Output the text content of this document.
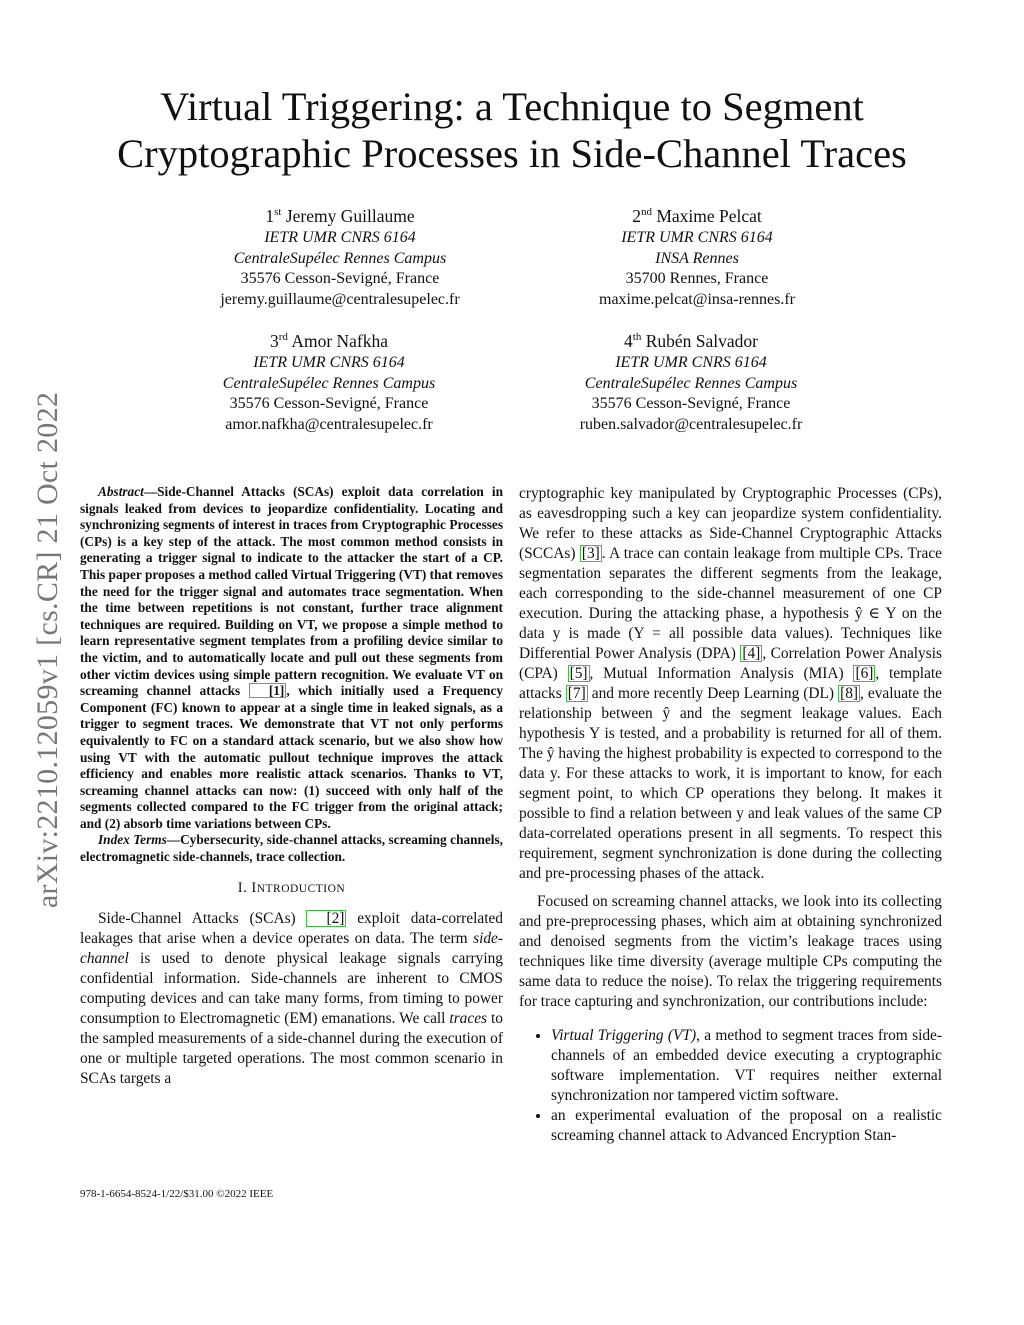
arXiv:2210.12059v1 [cs.CR] 21 Oct 2022
Virtual Triggering: a Technique to Segment
Cryptographic Processes in Side-Channel Traces
1st Jeremy Guillaume
IETR UMR CNRS 6164
CentraleSupélec Rennes Campus
35576 Cesson-Sevigné, France
jeremy.guillaume@centralesupelec.fr
2nd Maxime Pelcat
IETR UMR CNRS 6164
INSA Rennes
35700 Rennes, France
maxime.pelcat@insa-rennes.fr
3rd Amor Nafkha
IETR UMR CNRS 6164
CentraleSupélec Rennes Campus
35576 Cesson-Sevigné, France
amor.nafkha@centralesupelec.fr
4th Rubén Salvador
IETR UMR CNRS 6164
CentraleSupélec Rennes Campus
35576 Cesson-Sevigné, France
ruben.salvador@centralesupelec.fr

Abstract—Side-Channel Attacks (SCAs) exploit data correlation in signals leaked from devices to jeopardize confidentiality. Locating and synchronizing segments of interest in traces from Cryptographic Processes (CPs) is a key step of the attack. The most common method consists in generating a trigger signal to indicate to the attacker the start of a CP. This paper proposes a method called Virtual Triggering (VT) that removes the need for the trigger signal and automates trace segmentation. When the time between repetitions is not constant, further trace alignment techniques are required. Building on VT, we propose a simple method to learn representative segment templates from a profiling device similar to the victim, and to automatically locate and pull out these segments from other victim devices using simple pattern recognition. We evaluate VT on screaming channel attacks [1] , which initially used a Frequency Component (FC) known to appear at a single time in leaked signals, as a trigger to segment traces. We demonstrate that VT not only performs equivalently to FC on a standard attack scenario, but we also show how using VT with the automatic pullout technique improves the attack efficiency and enables more realistic attack scenarios. Thanks to VT, screaming channel attacks can now: (1) succeed with only half of the segments collected compared to the FC trigger from the original attack; and (2) absorb time variations between CPs.

Index Terms—Cybersecurity, side-channel attacks, screaming channels, electromagnetic side-channels, trace collection.

I. INTRODUCTION

Side-Channel Attacks (SCAs) [2] exploit data-correlated leakages that arise when a device operates on data. The term side-channel is used to denote physical leakage signals carrying confidential information. Side-channels are inherent to CMOS computing devices and can take many forms, from timing to power consumption to Electromagnetic (EM) emanations. We call traces to the sampled measurements of a side-channel during the execution of one or multiple targeted operations. The most common scenario in SCAs targets a

cryptographic key manipulated by Cryptographic Processes (CPs), as eavesdropping such a key can jeopardize system confidentiality. We refer to these attacks as Side-Channel Cryptographic Attacks (SCCAs) [3] . A trace can contain leakage from multiple CPs. Trace segmentation separates the different segments from the leakage, each corresponding to the side-channel measurement of one CP execution. During the attacking phase, a hypothesis ŷ ∈ Y on the data y is made (Y = all possible data values). Techniques like Differential Power Analysis (DPA) [4] , Correlation Power Analysis (CPA) [5] , Mutual Information Analysis (MIA) [6] , template attacks [7] and more recently Deep Learning (DL) [8] , evaluate the relationship between ŷ and the segment leakage values. Each hypothesis Y is tested, and a probability is returned for all of them. The ŷ having the highest probability is expected to correspond to the data y. For these attacks to work, it is important to know, for each segment point, to which CP operations they belong. It makes it possible to find a relation between y and leak values of the same CP data-correlated operations present in all segments. To respect this requirement, segment synchronization is done during the collecting and pre-processing phases of the attack.

Focused on screaming channel attacks, we look into its collecting and pre-preprocessing phases, which aim at obtaining synchronized and denoised segments from the victim’s leakage traces using techniques like time diversity (average multiple CPs computing the same data to reduce the noise). To relax the triggering requirements for trace capturing and synchronization, our contributions include:

• Virtual Triggering (VT), a method to segment traces from side-channels of an embedded device executing a cryptographic software implementation. VT requires neither external synchronization nor tampered victim software.
• an experimental evaluation of the proposal on a realistic screaming channel attack to Advanced Encryption Stan-
978-1-6654-8524-1/22/$31.00 ©2022 IEEE
